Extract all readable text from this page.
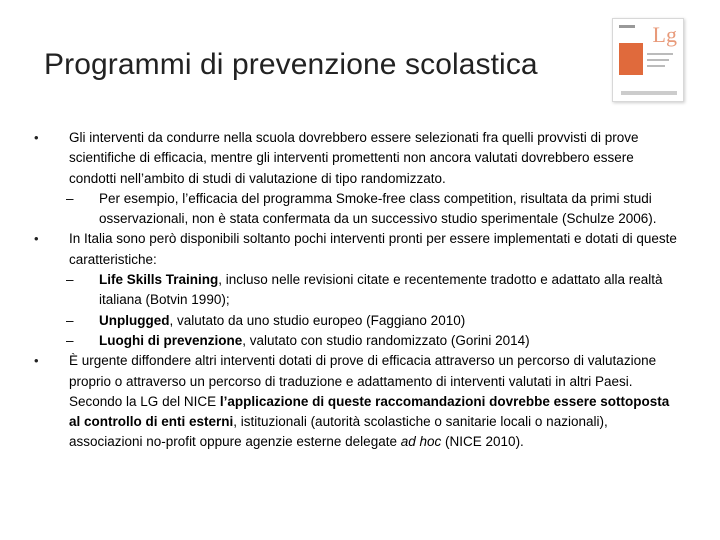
Programmi di prevenzione scolastica
Lg
• Gli interventi da condurre nella scuola dovrebbero essere selezionati fra quelli provvisti di prove scientifiche di efficacia, mentre gli interventi promettenti non ancora valutati dovrebbero essere condotti nell’ambito di studi di valutazione di tipo randomizzato.
– Per esempio, l’efficacia del programma Smoke-free class competition, risultata da primi studi osservazionali, non è stata confermata da un successivo studio sperimentale (Schulze 2006).
• In Italia sono però disponibili soltanto pochi interventi pronti per essere implementati e dotati di queste caratteristiche:
– Life Skills Training, incluso nelle revisioni citate e recentemente tradotto e adattato alla realtà italiana (Botvin 1990);
– Unplugged, valutato da uno studio europeo (Faggiano 2010)
– Luoghi di prevenzione, valutato con studio randomizzato (Gorini 2014)
• È urgente diffondere altri interventi dotati di prove di efficacia attraverso un percorso di valutazione proprio o attraverso un percorso di traduzione e adattamento di interventi valutati in altri Paesi. Secondo la LG del NICE l’applicazione di queste raccomandazioni dovrebbe essere sottoposta al controllo di enti esterni, istituzionali (autorità scolastiche o sanitarie locali o nazionali), associazioni no-profit oppure agenzie esterne delegate ad hoc (NICE 2010).
